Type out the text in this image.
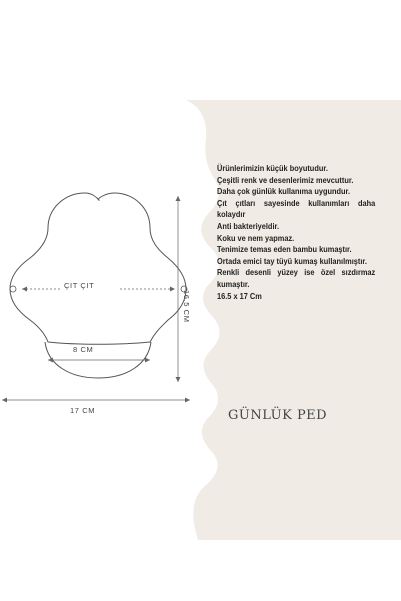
ÇIT ÇIT
8 CM
17 CM
16.5 CM

Ürünlerimizin küçük boyutudur.

Çeşitli renk ve desenlerimiz mevcuttur.

Daha çok günlük kullanıma uygundur.

Çıt çıtları sayesinde kullanımları daha kolaydır

Anti bakteriyeldir.

Koku ve nem yapmaz.

Tenimize temas eden bambu kumaştır.

Ortada emici tay tüyü kumaş kullanılmıştır.

Renkli desenli yüzey ise özel sızdırmaz kumaştır.

16.5 x 17 Cm

GÜNLÜK PED
